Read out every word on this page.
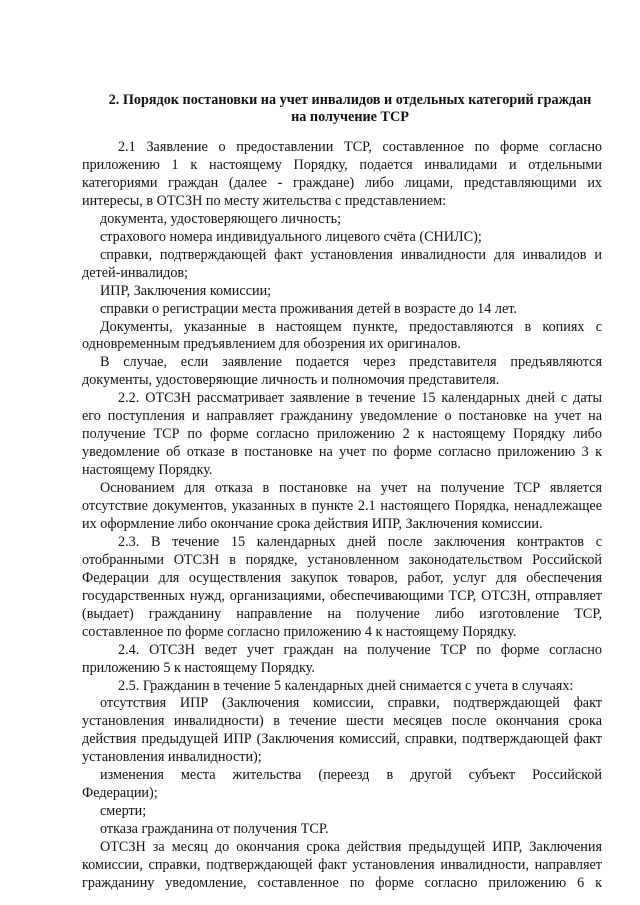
2. Порядок постановки на учет инвалидов и отдельных категорий граждан
на получение ТСР
2.1 Заявление о предоставлении ТСР, составленное по форме согласно
приложению 1 к настоящему Порядку, подается инвалидами и отдельными
категориями граждан (далее - граждане) либо лицами, представляющими их
интересы, в ОТСЗН по месту жительства с представлением:
документа, удостоверяющего личность;
страхового номера индивидуального лицевого счёта (СНИЛС);
справки, подтверждающей факт установления инвалидности для инвалидов и
детей-инвалидов;
ИПР, Заключения комиссии;
справки о регистрации места проживания детей в возрасте до 14 лет.
Документы, указанные в настоящем пункте, предоставляются в копиях с
одновременным предъявлением для обозрения их оригиналов.
В случае, если заявление подается через представителя предъявляются
документы, удостоверяющие личность и полномочия представителя.
2.2. ОТСЗН рассматривает заявление в течение 15 календарных дней с даты
его поступления и направляет гражданину уведомление о постановке на учет на
получение ТСР по форме согласно приложению 2 к настоящему Порядку либо
уведомление об отказе в постановке на учет по форме согласно приложению 3 к
настоящему Порядку.
Основанием для отказа в постановке на учет на получение ТСР является
отсутствие документов, указанных в пункте 2.1 настоящего Порядка, ненадлежащее
их оформление либо окончание срока действия ИПР, Заключения комиссии.
2.3. В течение 15 календарных дней после заключения контрактов с
отобранными ОТСЗН в порядке, установленном законодательством Российской
Федерации для осуществления закупок товаров, работ, услуг для обеспечения
государственных нужд, организациями, обеспечивающими ТСР, ОТСЗН, отправляет
(выдает) гражданину направление на получение либо изготовление ТСР,
составленное по форме согласно приложению 4 к настоящему Порядку.
2.4. ОТСЗН ведет учет граждан на получение ТСР по форме согласно
приложению 5 к настоящему Порядку.
2.5. Гражданин в течение 5 календарных дней снимается с учета в случаях:
отсутствия ИПР (Заключения комиссии, справки, подтверждающей факт
установления инвалидности) в течение шести месяцев после окончания срока
действия предыдущей ИПР (Заключения комиссий, справки, подтверждающей факт
установления инвалидности);
изменения места жительства (переезд в другой субъект Российской
Федерации);
смерти;
отказа гражданина от получения ТСР.
ОТСЗН за месяц до окончания срока действия предыдущей ИПР, Заключения
комиссии, справки, подтверждающей факт установления инвалидности, направляет
гражданину уведомление, составленное по форме согласно приложению 6 к
